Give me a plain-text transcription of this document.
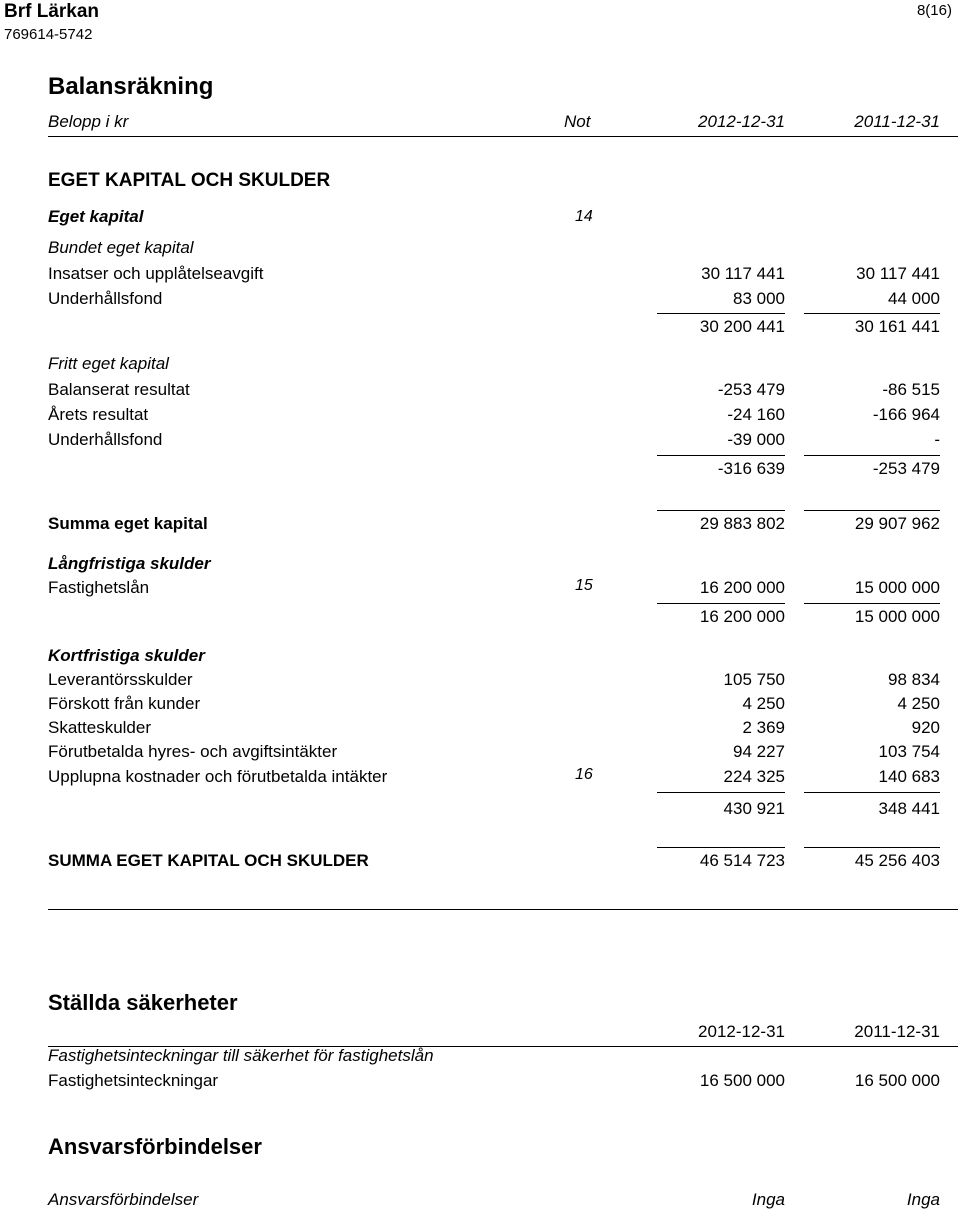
Brf Lärkan
769614-5742
8(16)
Balansräkning
Belopp i kr	Not	2012-12-31	2011-12-31
EGET KAPITAL OCH SKULDER
Eget kapital	14
Bundet eget kapital
Insatser och upplåtelseavgift	30 117 441	30 117 441
Underhållsfond	83 000	44 000
30 200 441	30 161 441
Fritt eget kapital
Balanserat resultat	-253 479	-86 515
Årets resultat	-24 160	-166 964
Underhållsfond	-39 000	-
-316 639	-253 479
Summa eget kapital	29 883 802	29 907 962
Långfristiga skulder
Fastighetslån	15	16 200 000	15 000 000
16 200 000	15 000 000
Kortfristiga skulder
Leverantörsskulder	105 750	98 834
Förskott från kunder	4 250	4 250
Skatteskulder	2 369	920
Förutbetalda hyres- och avgiftsintäkter	94 227	103 754
Upplupna kostnader och förutbetalda intäkter	16	224 325	140 683
430 921	348 441
SUMMA EGET KAPITAL OCH SKULDER	46 514 723	45 256 403
Ställda säkerheter
2012-12-31	2011-12-31
Fastighetsinteckningar till säkerhet för fastighetslån
Fastighetsinteckningar	16 500 000	16 500 000
Ansvarsförbindelser
Ansvarsförbindelser	Inga	Inga
